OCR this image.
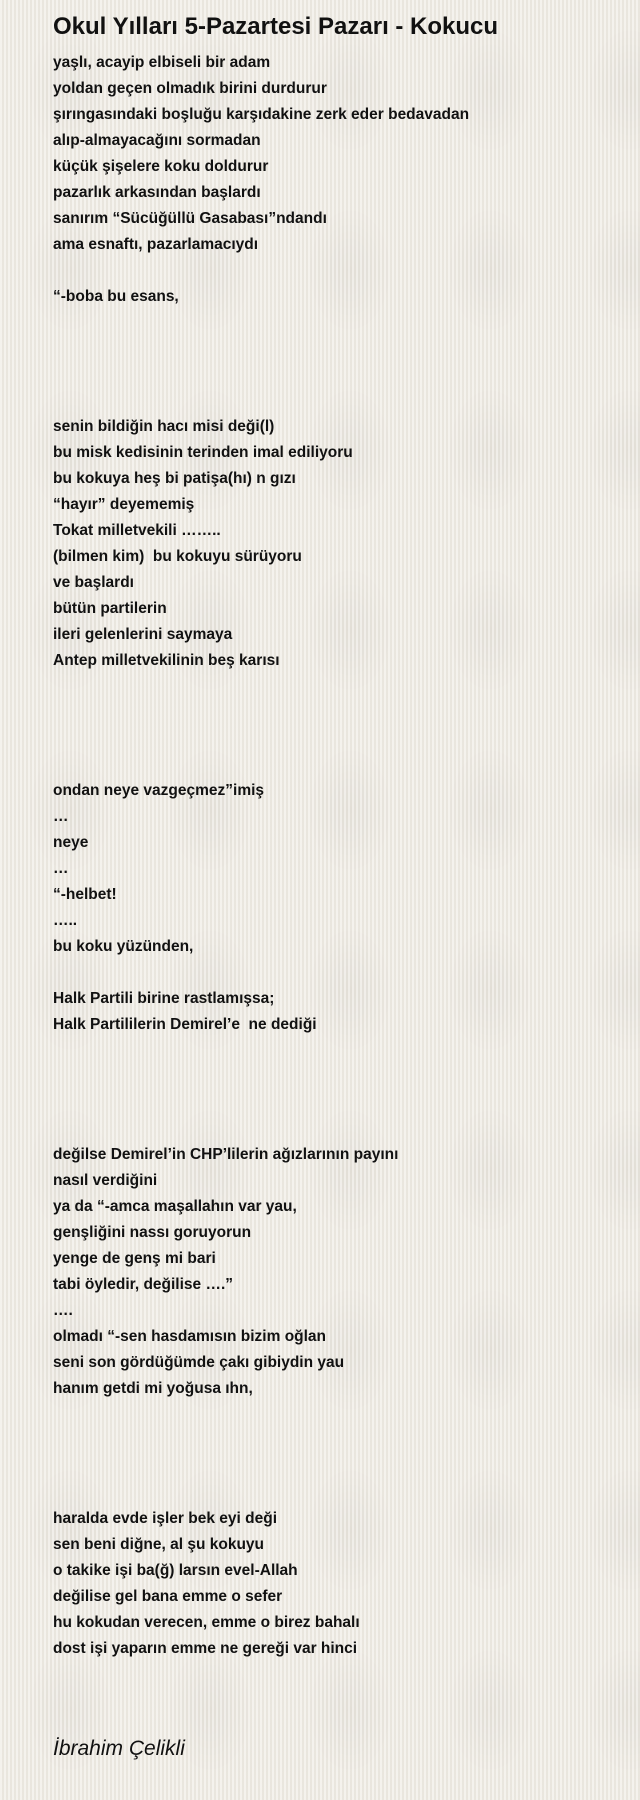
Okul Yılları 5-Pazartesi Pazarı - Kokucu
yaşlı, acayip elbiseli bir adam
yoldan geçen olmadık birini durdurur
şırıngasındaki boşluğu karşıdakine zerk eder bedavadan
alıp-almayacağını sormadan
küçük şişelere koku doldurur
pazarlık arkasından başlardı
sanırım “Sücüğüllü Gasabası”ndandı
ama esnaftı, pazarlamacıydı
“-boba bu esans,
senin bildiğin hacı misi deği(l)
bu misk kedisinin terinden imal ediliyoru
bu kokuya heş bi patişa(hı) n gızı
“hayır” deyememiş
Tokat milletvekili ……..
(bilmen kim)  bu kokuyu sürüyoru
ve başlardı
bütün partilerin
ileri gelenlerini saymaya
Antep milletvekilinin beş karısı
ondan neye vazgeçmez”imiş
…
neye
…
“-helbet!
…..
bu koku yüzünden,
Halk Partili birine rastlamışsa;
Halk Partililerin Demirel’e  ne dediği
değilse Demirel’in CHP’lilerin ağızlarının payını
nasıl verdiğini
ya da “-amca maşallahın var yau,
genşliğini nassı goruyorun
yenge de genş mi bari
tabi öyledir, değilise ….”
….
olmadı “-sen hasdamısın bizim oğlan
seni son gördüğümde çakı gibiydin yau
hanım getdi mi yoğusa ıhn,
haralda evde işler bek eyi deği
sen beni diğne, al şu kokuyu
o takike işi ba(ğ) larsın evel-Allah
değilise gel bana emme o sefer
hu kokudan verecen, emme o birez bahalı
dost işi yaparın emme ne gereği var hinci
İbrahim Çelikli
